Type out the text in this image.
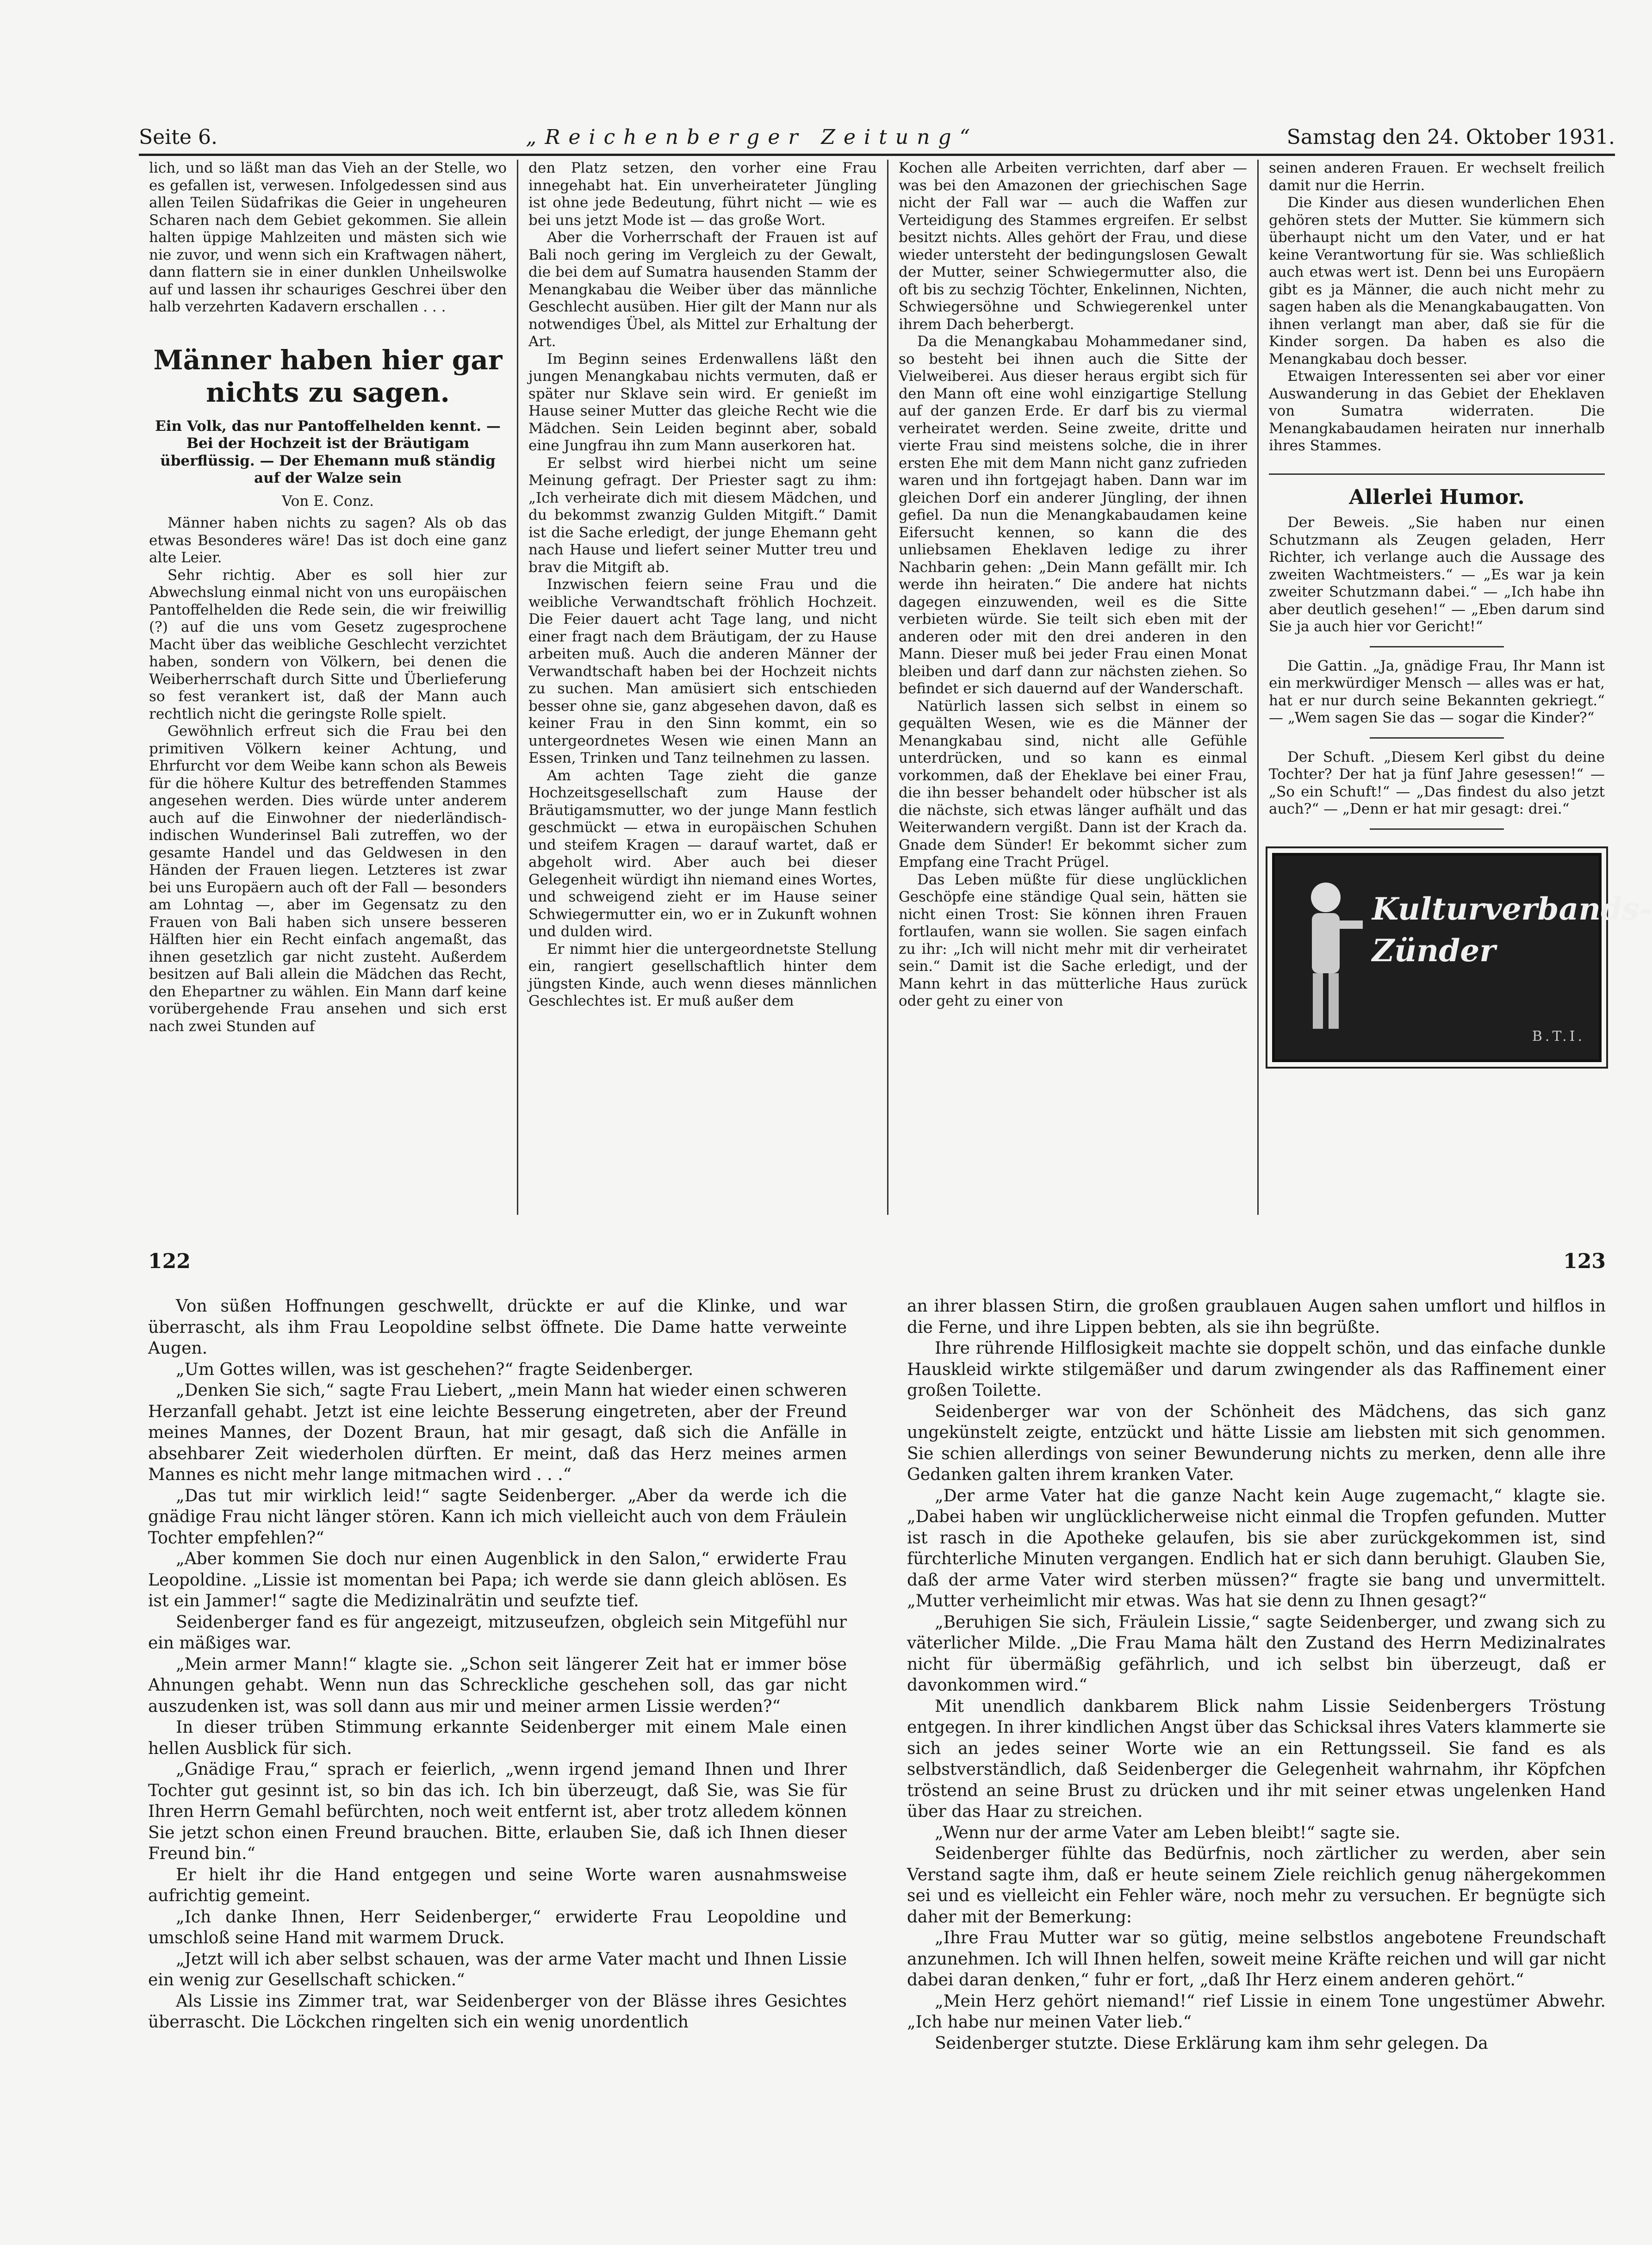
Seite 6.	„Reichenberger Zeitung“	Samstag den 24. Oktober 1931.

lich, und so läßt man das Vieh an der Stelle, wo es gefallen ist, verwesen. Infolgedessen sind aus allen Teilen Südafrikas die Geier in ungeheuren Scharen nach dem Gebiet gekommen. Sie allein halten üppige Mahlzeiten und mästen sich wie nie zuvor, und wenn sich ein Kraftwagen nähert, dann flattern sie in einer dunklen Unheilswolke auf und lassen ihr schauriges Geschrei über den halb verzehrten Kadavern erschallen . . .

Männer haben hier gar nichts zu sagen.
Ein Volk, das nur Pantoffelhelden kennt. — Bei der Hochzeit ist der Bräutigam überflüssig. — Der Ehemann muß ständig auf der Walze sein
Von E. Conz.

Männer haben nichts zu sagen? Als ob das etwas Besonderes wäre! Das ist doch eine ganz alte Leier.

Sehr richtig. Aber es soll hier zur Abwechslung einmal nicht von uns europäischen Pantoffelhelden die Rede sein, die wir freiwillig (?) auf die uns vom Gesetz zugesprochene Macht über das weibliche Geschlecht verzichtet haben, sondern von Völkern, bei denen die Weiberherrschaft durch Sitte und Überlieferung so fest verankert ist, daß der Mann auch rechtlich nicht die geringste Rolle spielt.

Gewöhnlich erfreut sich die Frau bei den primitiven Völkern keiner Achtung, und Ehrfurcht vor dem Weibe kann schon als Beweis für die höhere Kultur des betreffenden Stammes angesehen werden. Dies würde unter anderem auch auf die Einwohner der niederländisch-indischen Wunderinsel Bali zutreffen, wo der gesamte Handel und das Geldwesen in den Händen der Frauen liegen. Letzteres ist zwar bei uns Europäern auch oft der Fall — besonders am Lohntag —, aber im Gegensatz zu den Frauen von Bali haben sich unsere besseren Hälften hier ein Recht einfach angemaßt, das ihnen gesetzlich gar nicht zusteht. Außerdem besitzen auf Bali allein die Mädchen das Recht, den Ehepartner zu wählen. Ein Mann darf keine vorübergehende Frau ansehen und sich erst nach zwei Stunden auf

den Platz setzen, den vorher eine Frau innegehabt hat. Ein unverheirateter Jüngling ist ohne jede Bedeutung, führt nicht — wie es bei uns jetzt Mode ist — das große Wort.

Aber die Vorherrschaft der Frauen ist auf Bali noch gering im Vergleich zu der Gewalt, die bei dem auf Sumatra hausenden Stamm der Menangkabau die Weiber über das männliche Geschlecht ausüben. Hier gilt der Mann nur als notwendiges Übel, als Mittel zur Erhaltung der Art.

Im Beginn seines Erdenwallens läßt den jungen Menangkabau nichts vermuten, daß er später nur Sklave sein wird. Er genießt im Hause seiner Mutter das gleiche Recht wie die Mädchen. Sein Leiden beginnt aber, sobald eine Jungfrau ihn zum Mann auserkoren hat.

Er selbst wird hierbei nicht um seine Meinung gefragt. Der Priester sagt zu ihm: „Ich verheirate dich mit diesem Mädchen, und du bekommst zwanzig Gulden Mitgift.“ Damit ist die Sache erledigt, der junge Ehemann geht nach Hause und liefert seiner Mutter treu und brav die Mitgift ab.

Inzwischen feiern seine Frau und die weibliche Verwandtschaft fröhlich Hochzeit. Die Feier dauert acht Tage lang, und nicht einer fragt nach dem Bräutigam, der zu Hause arbeiten muß. Auch die anderen Männer der Verwandtschaft haben bei der Hochzeit nichts zu suchen. Man amüsiert sich entschieden besser ohne sie, ganz abgesehen davon, daß es keiner Frau in den Sinn kommt, ein so untergeordnetes Wesen wie einen Mann an Essen, Trinken und Tanz teilnehmen zu lassen.

Am achten Tage zieht die ganze Hochzeitsgesellschaft zum Hause der Bräutigamsmutter, wo der junge Mann festlich geschmückt — etwa in europäischen Schuhen und steifem Kragen — darauf wartet, daß er abgeholt wird. Aber auch bei dieser Gelegenheit würdigt ihn niemand eines Wortes, und schweigend zieht er im Hause seiner Schwiegermutter ein, wo er in Zukunft wohnen und dulden wird.

Er nimmt hier die untergeordnetste Stellung ein, rangiert gesellschaftlich hinter dem jüngsten Kinde, auch wenn dieses männlichen Geschlechtes ist. Er muß außer dem

Kochen alle Arbeiten verrichten, darf aber — was bei den Amazonen der griechischen Sage nicht der Fall war — auch die Waffen zur Verteidigung des Stammes ergreifen. Er selbst besitzt nichts. Alles gehört der Frau, und diese wieder untersteht der bedingungslosen Gewalt der Mutter, seiner Schwiegermutter also, die oft bis zu sechzig Töchter, Enkelinnen, Nichten, Schwiegersöhne und Schwiegerenkel unter ihrem Dach beherbergt.

Da die Menangkabau Mohammedaner sind, so besteht bei ihnen auch die Sitte der Vielweiberei. Aus dieser heraus ergibt sich für den Mann oft eine wohl einzigartige Stellung auf der ganzen Erde. Er darf bis zu viermal verheiratet werden. Seine zweite, dritte und vierte Frau sind meistens solche, die in ihrer ersten Ehe mit dem Mann nicht ganz zufrieden waren und ihn fortgejagt haben. Dann war im gleichen Dorf ein anderer Jüngling, der ihnen gefiel. Da nun die Menangkabaudamen keine Eifersucht kennen, so kann die des unliebsamen Eheklaven ledige zu ihrer Nachbarin gehen: „Dein Mann gefällt mir. Ich werde ihn heiraten.“ Die andere hat nichts dagegen einzuwenden, weil es die Sitte verbieten würde. Sie teilt sich eben mit der anderen oder mit den drei anderen in den Mann. Dieser muß bei jeder Frau einen Monat bleiben und darf dann zur nächsten ziehen. So befindet er sich dauernd auf der Wanderschaft.

Natürlich lassen sich selbst in einem so gequälten Wesen, wie es die Männer der Menangkabau sind, nicht alle Gefühle unterdrücken, und so kann es einmal vorkommen, daß der Eheklave bei einer Frau, die ihn besser behandelt oder hübscher ist als die nächste, sich etwas länger aufhält und das Weiterwandern vergißt. Dann ist der Krach da. Gnade dem Sünder! Er bekommt sicher zum Empfang eine Tracht Prügel.

Das Leben müßte für diese unglücklichen Geschöpfe eine ständige Qual sein, hätten sie nicht einen Trost: Sie können ihren Frauen fortlaufen, wann sie wollen. Sie sagen einfach zu ihr: „Ich will nicht mehr mit dir verheiratet sein.“ Damit ist die Sache erledigt, und der Mann kehrt in das mütterliche Haus zurück oder geht zu einer von

seinen anderen Frauen. Er wechselt freilich damit nur die Herrin.

Die Kinder aus diesen wunderlichen Ehen gehören stets der Mutter. Sie kümmern sich überhaupt nicht um den Vater, und er hat keine Verantwortung für sie. Was schließlich auch etwas wert ist. Denn bei uns Europäern gibt es ja Männer, die auch nicht mehr zu sagen haben als die Menangkabaugatten. Von ihnen verlangt man aber, daß sie für die Kinder sorgen. Da haben es also die Menangkabau doch besser.

Etwaigen Interessenten sei aber vor einer Auswanderung in das Gebiet der Eheklaven von Sumatra widerraten. Die Menangkabaudamen heiraten nur innerhalb ihres Stammes.

Allerlei Humor.

Der Beweis. „Sie haben nur einen Schutzmann als Zeugen geladen, Herr Richter, ich verlange auch die Aussage des zweiten Wachtmeisters.“ — „Es war ja kein zweiter Schutzmann dabei.“ — „Ich habe ihn aber deutlich gesehen!“ — „Eben darum sind Sie ja auch hier vor Gericht!“

Die Gattin. „Ja, gnädige Frau, Ihr Mann ist ein merkwürdiger Mensch — alles was er hat, hat er nur durch seine Bekannten gekriegt.“ — „Wem sagen Sie das — sogar die Kinder?“

Der Schuft. „Diesem Kerl gibst du deine Tochter? Der hat ja fünf Jahre gesessen!“ — „So ein Schuft!“ — „Das findest du also jetzt auch?“ — „Denn er hat mir gesagt: drei.“

Kulturverbands-Zünder
B.T.I.
122	123

Von süßen Hoffnungen geschwellt, drückte er auf die Klinke, und war überrascht, als ihm Frau Leopoldine selbst öffnete. Die Dame hatte verweinte Augen.

„Um Gottes willen, was ist geschehen?“ fragte Seidenberger.

„Denken Sie sich,“ sagte Frau Liebert, „mein Mann hat wieder einen schweren Herzanfall gehabt. Jetzt ist eine leichte Besserung eingetreten, aber der Freund meines Mannes, der Dozent Braun, hat mir gesagt, daß sich die Anfälle in absehbarer Zeit wiederholen dürften. Er meint, daß das Herz meines armen Mannes es nicht mehr lange mitmachen wird . . .“

„Das tut mir wirklich leid!“ sagte Seidenberger. „Aber da werde ich die gnädige Frau nicht länger stören. Kann ich mich vielleicht auch von dem Fräulein Tochter empfehlen?“

„Aber kommen Sie doch nur einen Augenblick in den Salon,“ erwiderte Frau Leopoldine. „Lissie ist momentan bei Papa; ich werde sie dann gleich ablösen. Es ist ein Jammer!“ sagte die Medizinalrätin und seufzte tief.

Seidenberger fand es für angezeigt, mitzuseufzen, obgleich sein Mitgefühl nur ein mäßiges war.

„Mein armer Mann!“ klagte sie. „Schon seit längerer Zeit hat er immer böse Ahnungen gehabt. Wenn nun das Schreckliche geschehen soll, das gar nicht auszudenken ist, was soll dann aus mir und meiner armen Lissie werden?“

In dieser trüben Stimmung erkannte Seidenberger mit einem Male einen hellen Ausblick für sich.

„Gnädige Frau,“ sprach er feierlich, „wenn irgend jemand Ihnen und Ihrer Tochter gut gesinnt ist, so bin das ich. Ich bin überzeugt, daß Sie, was Sie für Ihren Herrn Gemahl befürchten, noch weit entfernt ist, aber trotz alledem können Sie jetzt schon einen Freund brauchen. Bitte, erlauben Sie, daß ich Ihnen dieser Freund bin.“

Er hielt ihr die Hand entgegen und seine Worte waren ausnahmsweise aufrichtig gemeint.

„Ich danke Ihnen, Herr Seidenberger,“ erwiderte Frau Leopoldine und umschloß seine Hand mit warmem Druck.

„Jetzt will ich aber selbst schauen, was der arme Vater macht und Ihnen Lissie ein wenig zur Gesellschaft schicken.“

Als Lissie ins Zimmer trat, war Seidenberger von der Blässe ihres Gesichtes überrascht. Die Löckchen ringelten sich ein wenig unordentlich

an ihrer blassen Stirn, die großen graublauen Augen sahen umflort und hilflos in die Ferne, und ihre Lippen bebten, als sie ihn begrüßte.

Ihre rührende Hilflosigkeit machte sie doppelt schön, und das einfache dunkle Hauskleid wirkte stilgemäßer und darum zwingender als das Raffinement einer großen Toilette.

Seidenberger war von der Schönheit des Mädchens, das sich ganz ungekünstelt zeigte, entzückt und hätte Lissie am liebsten mit sich genommen. Sie schien allerdings von seiner Bewunderung nichts zu merken, denn alle ihre Gedanken galten ihrem kranken Vater.

„Der arme Vater hat die ganze Nacht kein Auge zugemacht,“ klagte sie. „Dabei haben wir unglücklicherweise nicht einmal die Tropfen gefunden. Mutter ist rasch in die Apotheke gelaufen, bis sie aber zurückgekommen ist, sind fürchterliche Minuten vergangen. Endlich hat er sich dann beruhigt. Glauben Sie, daß der arme Vater wird sterben müssen?“ fragte sie bang und unvermittelt. „Mutter verheimlicht mir etwas. Was hat sie denn zu Ihnen gesagt?“

„Beruhigen Sie sich, Fräulein Lissie,“ sagte Seidenberger, und zwang sich zu väterlicher Milde. „Die Frau Mama hält den Zustand des Herrn Medizinalrates nicht für übermäßig gefährlich, und ich selbst bin überzeugt, daß er davonkommen wird.“

Mit unendlich dankbarem Blick nahm Lissie Seidenbergers Tröstung entgegen. In ihrer kindlichen Angst über das Schicksal ihres Vaters klammerte sie sich an jedes seiner Worte wie an ein Rettungsseil. Sie fand es als selbstverständlich, daß Seidenberger die Gelegenheit wahrnahm, ihr Köpfchen tröstend an seine Brust zu drücken und ihr mit seiner etwas ungelenken Hand über das Haar zu streichen.

„Wenn nur der arme Vater am Leben bleibt!“ sagte sie.

Seidenberger fühlte das Bedürfnis, noch zärtlicher zu werden, aber sein Verstand sagte ihm, daß er heute seinem Ziele reichlich genug nähergekommen sei und es vielleicht ein Fehler wäre, noch mehr zu versuchen. Er begnügte sich daher mit der Bemerkung:

„Ihre Frau Mutter war so gütig, meine selbstlos angebotene Freundschaft anzunehmen. Ich will Ihnen helfen, soweit meine Kräfte reichen und will gar nicht dabei daran denken,“ fuhr er fort, „daß Ihr Herz einem anderen gehört.“

„Mein Herz gehört niemand!“ rief Lissie in einem Tone ungestümer Abwehr. „Ich habe nur meinen Vater lieb.“

Seidenberger stutzte. Diese Erklärung kam ihm sehr gelegen. Da
